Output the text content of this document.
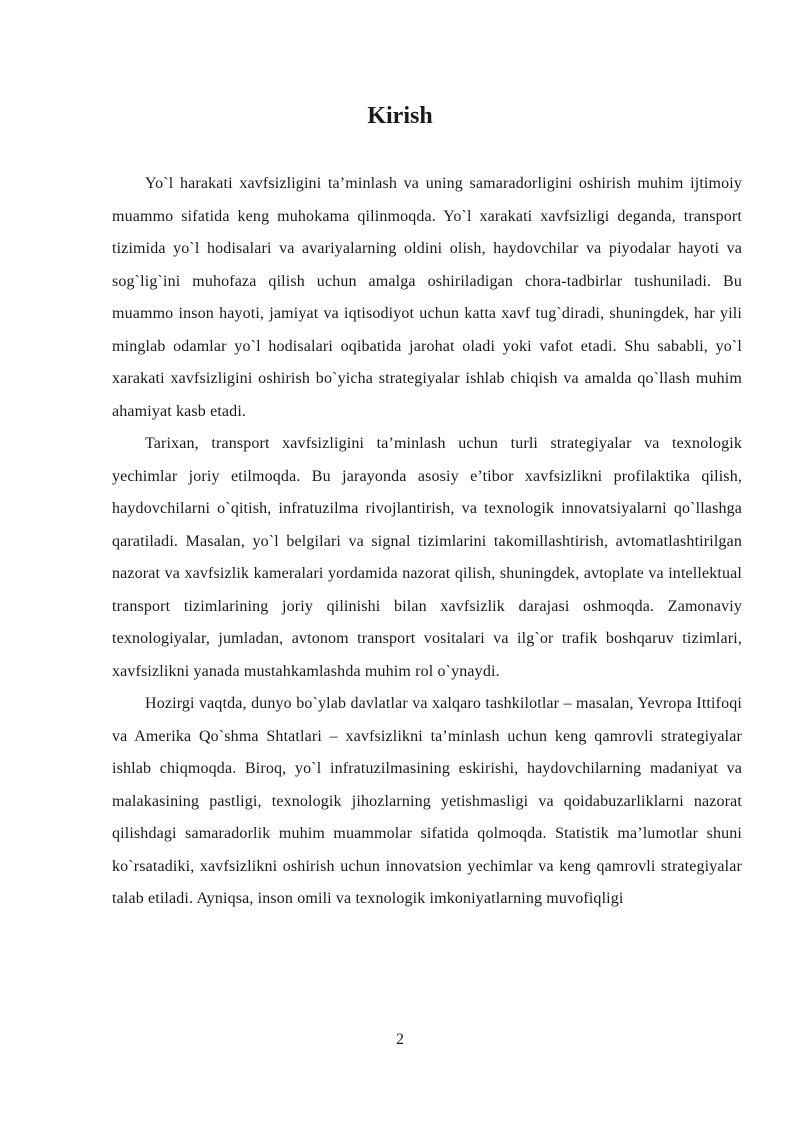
Kirish

Yo`l harakati xavfsizligini ta’minlash va uning samaradorligini oshirish muhim ijtimoiy muammo sifatida keng muhokama qilinmoqda. Yo`l xarakati xavfsizligi deganda, transport tizimida yo`l hodisalari va avariyalarning oldini olish, haydovchilar va piyodalar hayoti va sog`lig`ini muhofaza qilish uchun amalga oshiriladigan chora-tadbirlar tushuniladi. Bu muammo inson hayoti, jamiyat va iqtisodiyot uchun katta xavf tug`diradi, shuningdek, har yili minglab odamlar yo`l hodisalari oqibatida jarohat oladi yoki vafot etadi. Shu sababli, yo`l xarakati xavfsizligini oshirish bo`yicha strategiyalar ishlab chiqish va amalda qo`llash muhim ahamiyat kasb etadi.

Tarixan, transport xavfsizligini ta’minlash uchun turli strategiyalar va texnologik yechimlar joriy etilmoqda. Bu jarayonda asosiy e’tibor xavfsizlikni profilaktika qilish, haydovchilarni o`qitish, infratuzilma rivojlantirish, va texnologik innovatsiyalarni qo`llashga qaratiladi. Masalan, yo`l belgilari va signal tizimlarini takomillashtirish, avtomatlashtirilgan nazorat va xavfsizlik kameralari yordamida nazorat qilish, shuningdek, avtoplate va intellektual transport tizimlarining joriy qilinishi bilan xavfsizlik darajasi oshmoqda. Zamonaviy texnologiyalar, jumladan, avtonom transport vositalari va ilg`or trafik boshqaruv tizimlari, xavfsizlikni yanada mustahkamlashda muhim rol o`ynaydi.

Hozirgi vaqtda, dunyo bo`ylab davlatlar va xalqaro tashkilotlar – masalan, Yevropa Ittifoqi va Amerika Qo`shma Shtatlari – xavfsizlikni ta’minlash uchun keng qamrovli strategiyalar ishlab chiqmoqda. Biroq, yo`l infratuzilmasining eskirishi, haydovchilarning madaniyat va malakasining pastligi, texnologik jihozlarning yetishmasligi va qoidabuzarliklarni nazorat qilishdagi samaradorlik muhim muammolar sifatida qolmoqda. Statistik ma’lumotlar shuni ko`rsatadiki, xavfsizlikni oshirish uchun innovatsion yechimlar va keng qamrovli strategiyalar talab etiladi. Ayniqsa, inson omili va texnologik imkoniyatlarning muvofiqligi

2
